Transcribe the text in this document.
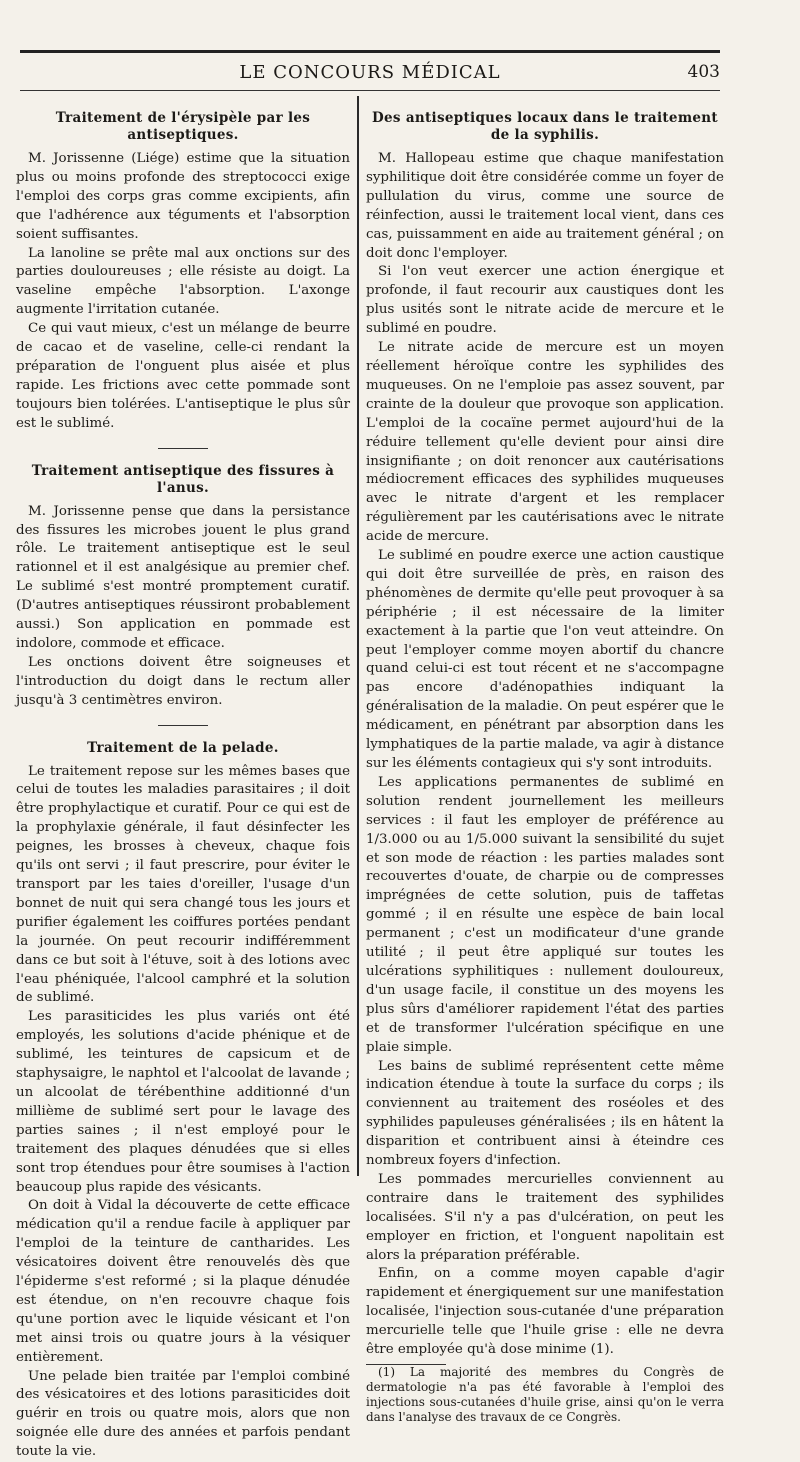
LE CONCOURS MÉDICAL	403
Traitement de l'érysipèle par les antiseptiques.

M. Jorissenne (Liége) estime que la situation plus ou moins profonde des streptococci exige l'emploi des corps gras comme excipients, afin que l'adhérence aux téguments et l'absorption soient suffisantes.

La lanoline se prête mal aux onctions sur des parties douloureuses ; elle résiste au doigt. La vaseline empêche l'absorption. L'axonge augmente l'irritation cutanée.

Ce qui vaut mieux, c'est un mélange de beurre de cacao et de vaseline, celle-ci rendant la préparation de l'onguent plus aisée et plus rapide. Les frictions avec cette pommade sont toujours bien tolérées. L'antiseptique le plus sûr est le sublimé.

Traitement antiseptique des fissures à l'anus.

M. Jorissenne pense que dans la persistance des fissures les microbes jouent le plus grand rôle. Le traitement antiseptique est le seul rationnel et il est analgésique au premier chef. Le sublimé s'est montré promptement curatif. (D'autres antiseptiques réussiront probablement aussi.) Son application en pommade est indolore, commode et efficace.

Les onctions doivent être soigneuses et l'introduction du doigt dans le rectum aller jusqu'à 3 centimètres environ.

Traitement de la pelade.

Le traitement repose sur les mêmes bases que celui de toutes les maladies parasitaires ; il doit être prophylactique et curatif. Pour ce qui est de la prophylaxie générale, il faut désinfecter les peignes, les brosses à cheveux, chaque fois qu'ils ont servi ; il faut prescrire, pour éviter le transport par les taies d'oreiller, l'usage d'un bonnet de nuit qui sera changé tous les jours et purifier également les coiffures portées pendant la journée. On peut recourir indifféremment dans ce but soit à l'étuve, soit à des lotions avec l'eau phéniquée, l'alcool camphré et la solution de sublimé.

Les parasiticides les plus variés ont été employés, les solutions d'acide phénique et de sublimé, les teintures de capsicum et de staphysaigre, le naphtol et l'alcoolat de lavande ; un alcoolat de térébenthine additionné d'un millième de sublimé sert pour le lavage des parties saines ; il n'est employé pour le traitement des plaques dénudées que si elles sont trop étendues pour être soumises à l'action beaucoup plus rapide des vésicants.

On doit à Vidal la découverte de cette efficace médication qu'il a rendue facile à appliquer par l'emploi de la teinture de cantharides. Les vésicatoires doivent être renouvelés dès que l'épiderme s'est reformé ; si la plaque dénudée est étendue, on n'en recouvre chaque fois qu'une portion avec le liquide vésicant et l'on met ainsi trois ou quatre jours à la vésiquer entièrement.

Une pelade bien traitée par l'emploi combiné des vésicatoires et des lotions parasiticides doit guérir en trois ou quatre mois, alors que non soignée elle dure des années et parfois pendant toute la vie.

Des antiseptiques locaux dans le traitement de la syphilis.

M. Hallopeau estime que chaque manifestation syphilitique doit être considérée comme un foyer de pullulation du virus, comme une source de réinfection, aussi le traitement local vient, dans ces cas, puissamment en aide au traitement général ; on doit donc l'employer.

Si l'on veut exercer une action énergique et profonde, il faut recourir aux caustiques dont les plus usités sont le nitrate acide de mercure et le sublimé en poudre.

Le nitrate acide de mercure est un moyen réellement héroïque contre les syphilides des muqueuses. On ne l'emploie pas assez souvent, par crainte de la douleur que provoque son application. L'emploi de la cocaïne permet aujourd'hui de la réduire tellement qu'elle devient pour ainsi dire insignifiante ; on doit renoncer aux cautérisations médiocrement efficaces des syphilides muqueuses avec le nitrate d'argent et les remplacer régulièrement par les cautérisations avec le nitrate acide de mercure.

Le sublimé en poudre exerce une action caustique qui doit être surveillée de près, en raison des phénomènes de dermite qu'elle peut provoquer à sa périphérie ; il est nécessaire de la limiter exactement à la partie que l'on veut atteindre. On peut l'employer comme moyen abortif du chancre quand celui-ci est tout récent et ne s'accompagne pas encore d'adénopathies indiquant la généralisation de la maladie. On peut espérer que le médicament, en pénétrant par absorption dans les lymphatiques de la partie malade, va agir à distance sur les éléments contagieux qui s'y sont introduits.

Les applications permanentes de sublimé en solution rendent journellement les meilleurs services : il faut les employer de préférence au 1/3.000 ou au 1/5.000 suivant la sensibilité du sujet et son mode de réaction : les parties malades sont recouvertes d'ouate, de charpie ou de compresses imprégnées de cette solution, puis de taffetas gommé ; il en résulte une espèce de bain local permanent ; c'est un modificateur d'une grande utilité ; il peut être appliqué sur toutes les ulcérations syphilitiques : nullement douloureux, d'un usage facile, il constitue un des moyens les plus sûrs d'améliorer rapidement l'état des parties et de transformer l'ulcération spécifique en une plaie simple.

Les bains de sublimé représentent cette même indication étendue à toute la surface du corps ; ils conviennent au traitement des roséoles et des syphilides papuleuses généralisées ; ils en hâtent la disparition et contribuent ainsi à éteindre ces nombreux foyers d'infection.

Les pommades mercurielles conviennent au contraire dans le traitement des syphilides localisées. S'il n'y a pas d'ulcération, on peut les employer en friction, et l'onguent napolitain est alors la préparation préférable.

Enfin, on a comme moyen capable d'agir rapidement et énergiquement sur une manifestation localisée, l'injection sous-cutanée d'une préparation mercurielle telle que l'huile grise : elle ne devra être employée qu'à dose minime (1).

(1) La majorité des membres du Congrès de dermatologie n'a pas été favorable à l'emploi des injections sous-cutanées d'huile grise, ainsi qu'on le verra dans l'analyse des travaux de ce Congrès.
